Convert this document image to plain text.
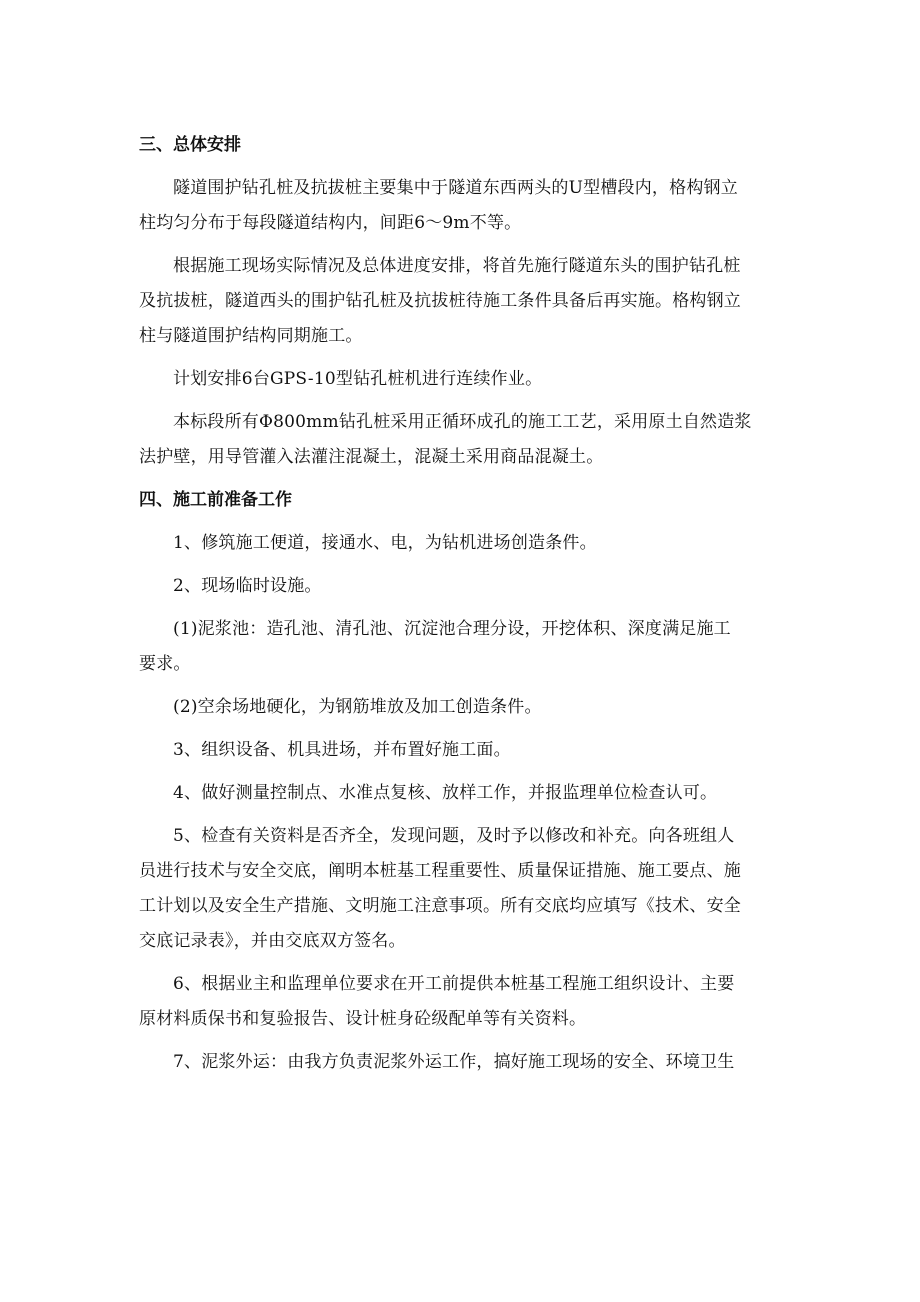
三、总体安排
隧道围护钻孔桩及抗拔桩主要集中于隧道东西两头的U型槽段内，格构钢立
柱均匀分布于每段隧道结构内，间距6～9m不等。
根据施工现场实际情况及总体进度安排，将首先施行隧道东头的围护钻孔桩
及抗拔桩，隧道西头的围护钻孔桩及抗拔桩待施工条件具备后再实施。格构钢立
柱与隧道围护结构同期施工。
计划安排6台GPS-10型钻孔桩机进行连续作业。
本标段所有Φ800mm钻孔桩采用正循环成孔的施工工艺，采用原土自然造浆
法护壁，用导管灌入法灌注混凝土，混凝土采用商品混凝土。
四、施工前准备工作
1、修筑施工便道，接通水、电，为钻机进场创造条件。
2、现场临时设施。
(1)泥浆池：造孔池、清孔池、沉淀池合理分设，开挖体积、深度满足施工
要求。
(2)空余场地硬化，为钢筋堆放及加工创造条件。
3、组织设备、机具进场，并布置好施工面。
4、做好测量控制点、水准点复核、放样工作，并报监理单位检查认可。
5、检查有关资料是否齐全，发现问题，及时予以修改和补充。向各班组人
员进行技术与安全交底，阐明本桩基工程重要性、质量保证措施、施工要点、施
工计划以及安全生产措施、文明施工注意事项。所有交底均应填写《技术、安全
交底记录表》，并由交底双方签名。
6、根据业主和监理单位要求在开工前提供本桩基工程施工组织设计、主要
原材料质保书和复验报告、设计桩身砼级配单等有关资料。
7、泥浆外运：由我方负责泥浆外运工作，搞好施工现场的安全、环境卫生
